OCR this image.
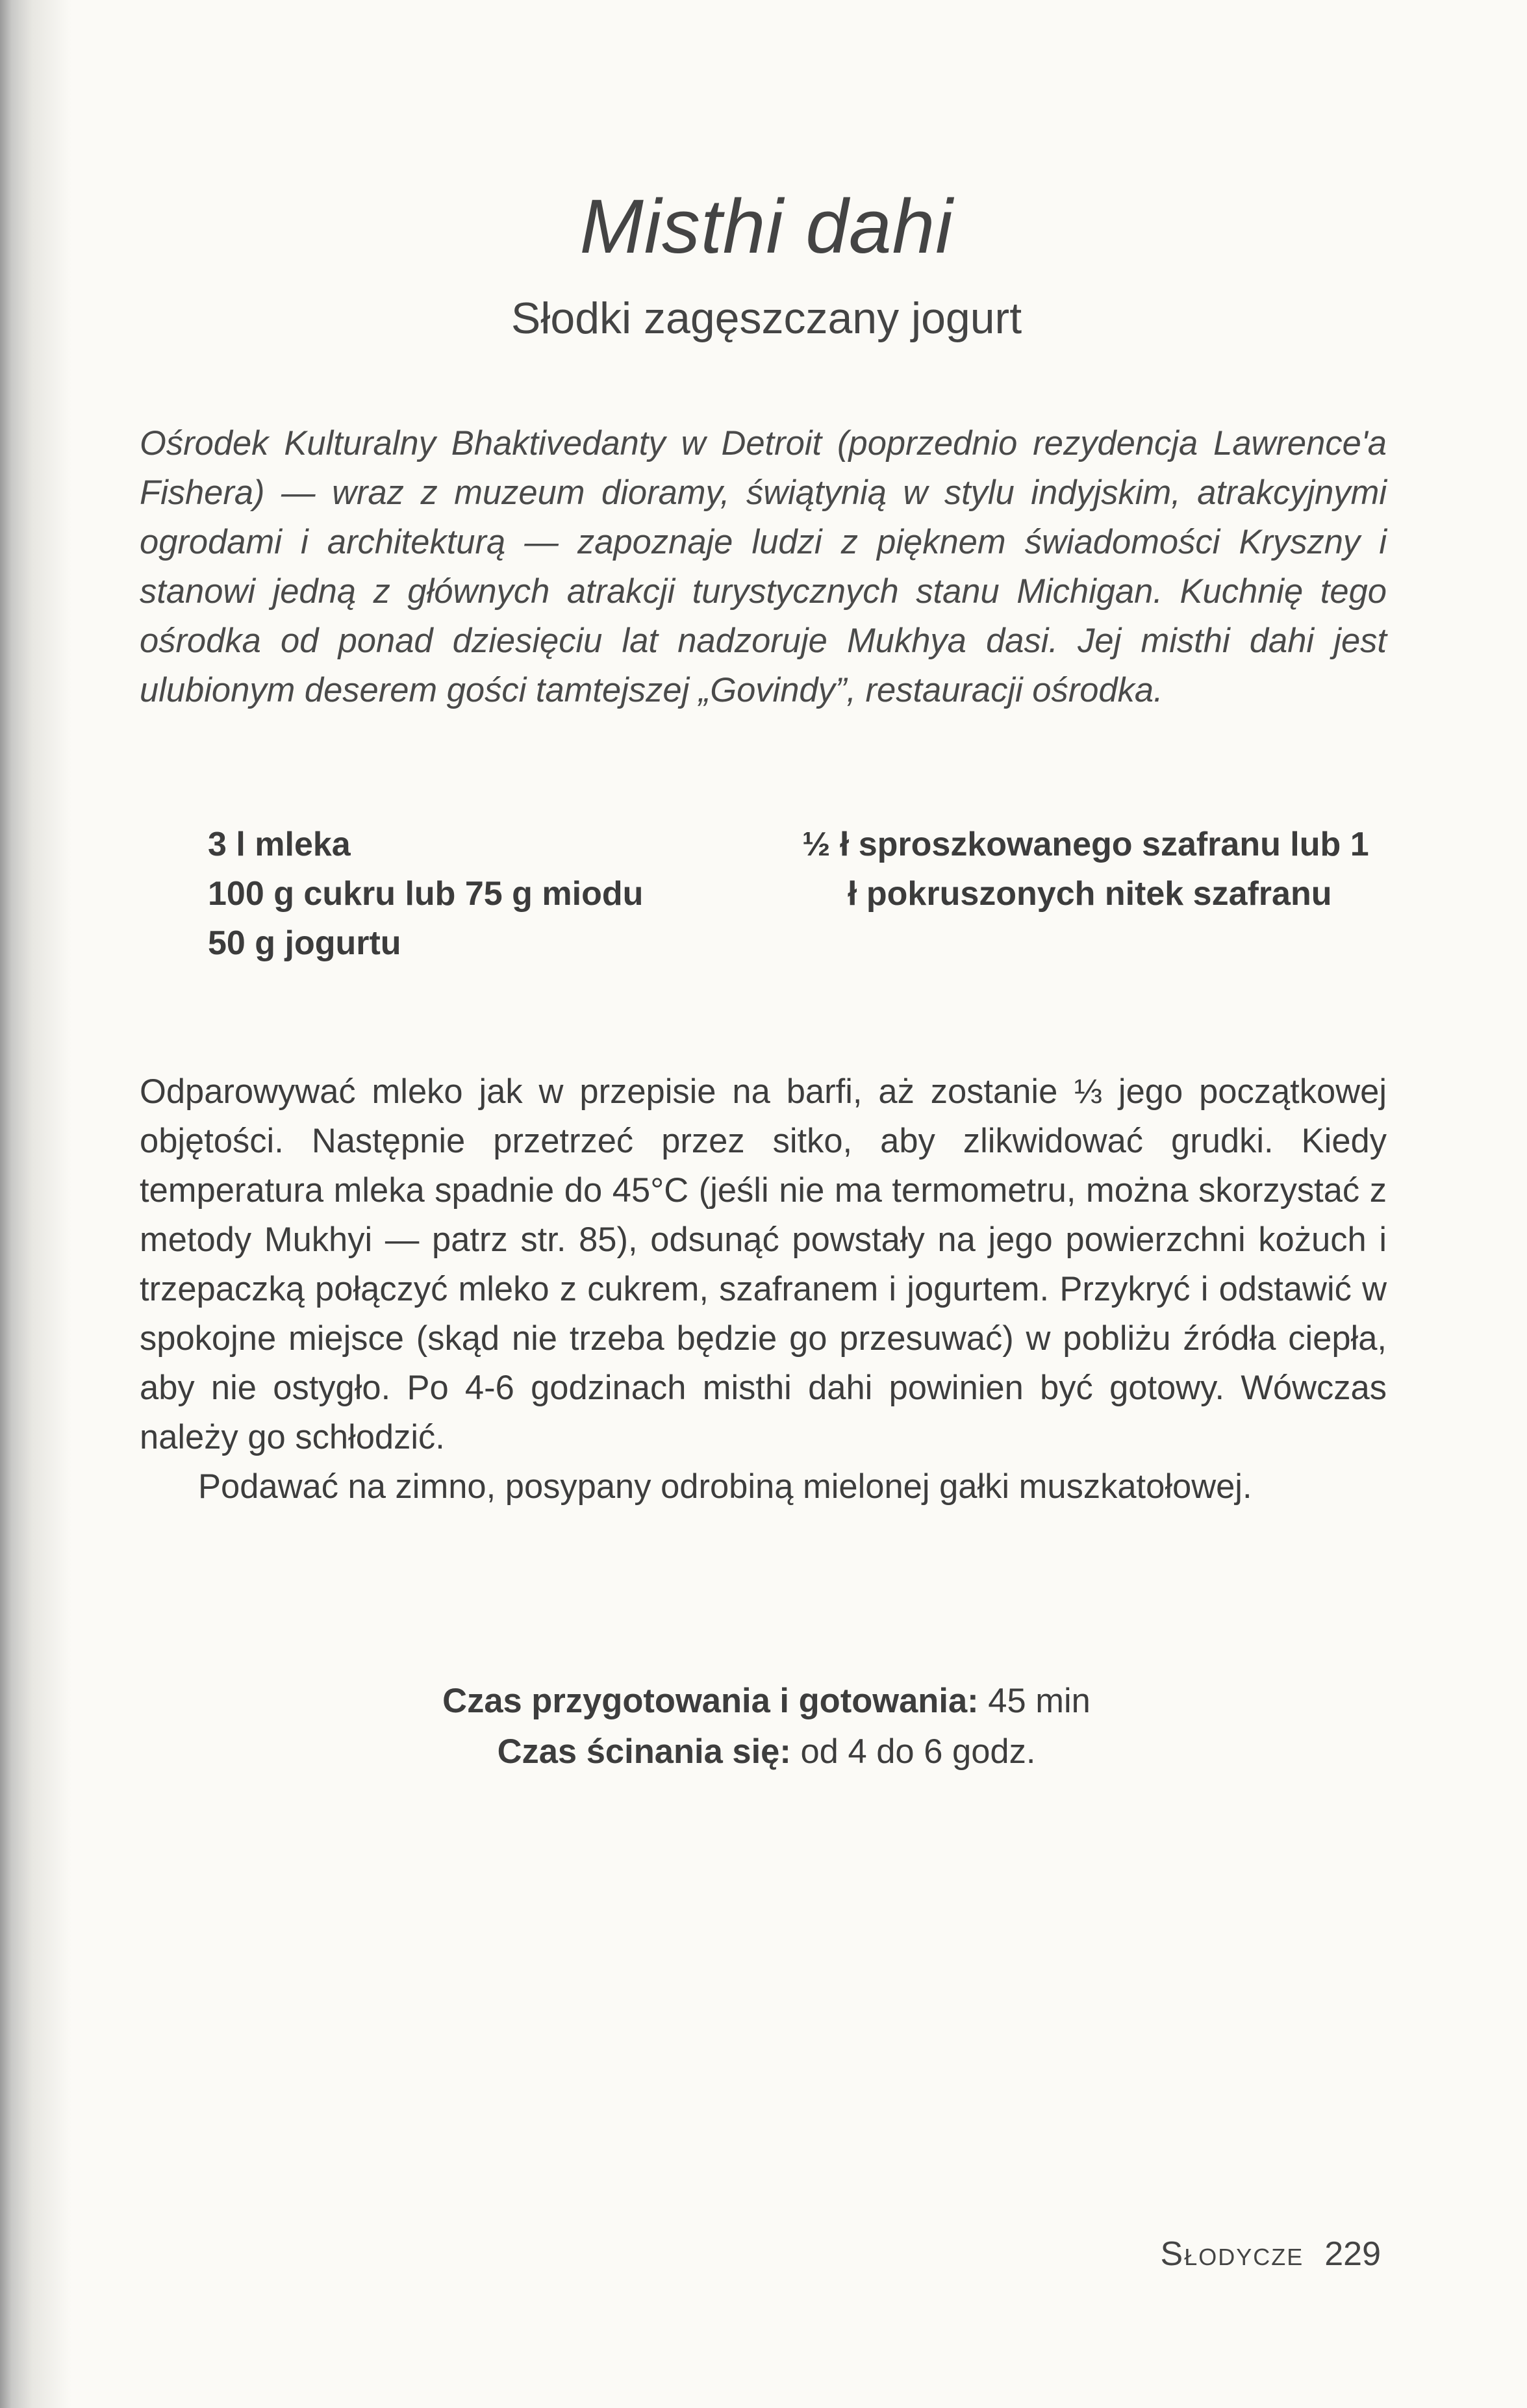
Misthi dahi
Słodki zagęszczany jogurt

Ośrodek Kulturalny Bhaktivedanty w Detroit (poprzednio rezydencja Lawrence'a Fishera) — wraz z muzeum dioramy, świątynią w stylu indyjskim, atrakcyjnymi ogrodami i architekturą — zapoznaje ludzi z pięknem świadomości Kryszny i stanowi jedną z głównych atrakcji turystycznych stanu Michigan. Kuchnię tego ośrodka od ponad dziesięciu lat nadzoruje Mukhya dasi. Jej misthi dahi jest ulubionym deserem gości tamtejszej „Govindy”, restauracji ośrodka.

3 l mleka
100 g cukru lub 75 g miodu
50 g jogurtu
½ ł sproszkowanego szafranu lub 1 ł pokruszonych nitek szafranu

Odparowywać mleko jak w przepisie na barfi, aż zostanie ⅓ jego początkowej objętości. Następnie przetrzeć przez sitko, aby zlikwidować grudki. Kiedy temperatura mleka spadnie do 45°C (jeśli nie ma termometru, można skorzystać z metody Mukhyi — patrz str. 85), odsunąć powstały na jego powierzchni kożuch i trzepaczką połączyć mleko z cukrem, szafranem i jogurtem. Przykryć i odstawić w spokojne miejsce (skąd nie trzeba będzie go przesuwać) w pobliżu źródła ciepła, aby nie ostygło. Po 4-6 godzinach misthi dahi powinien być gotowy. Wówczas należy go schłodzić.

Podawać na zimno, posypany odrobiną mielonej gałki muszkatołowej.

Czas przygotowania i gotowania: 45 min
Czas ścinania się: od 4 do 6 godz.
Słodycze 229
